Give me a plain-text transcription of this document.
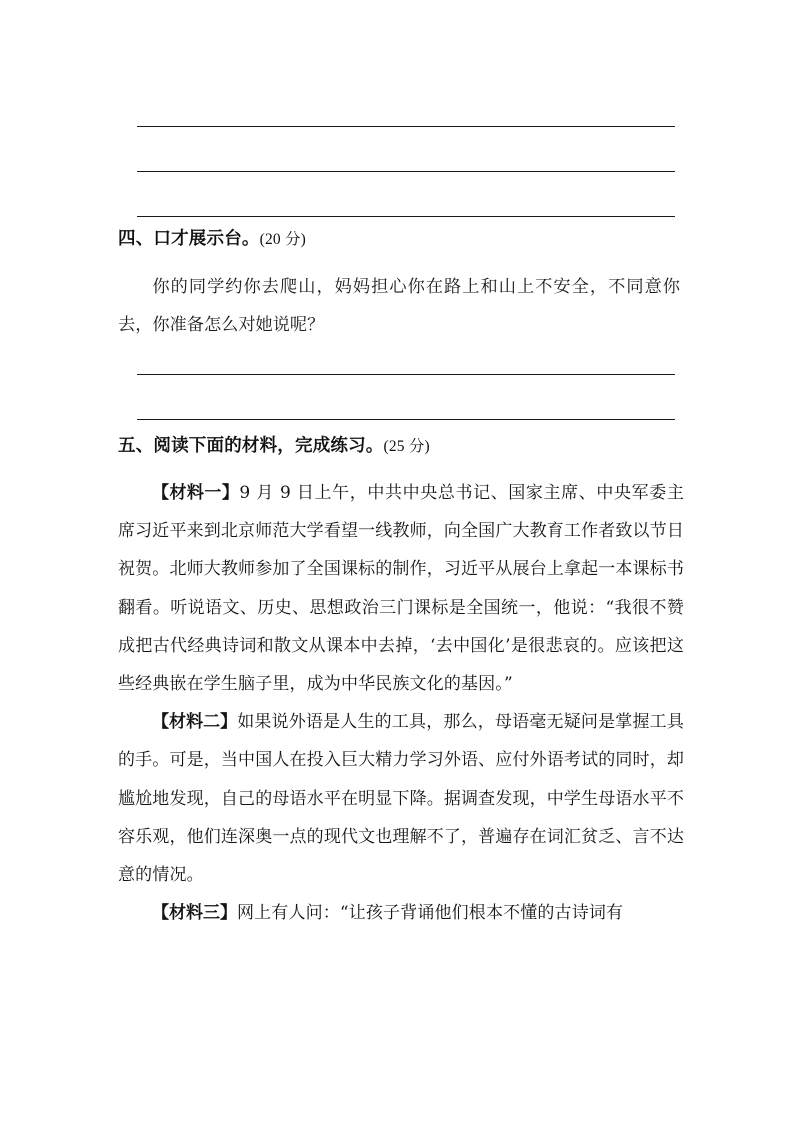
四、口才展示台。(20 分)
你的同学约你去爬山，妈妈担心你在路上和山上不安全，不同意你去，你准备怎么对她说呢？
五、阅读下面的材料，完成练习。(25 分)

【材料一】9 月 9 日上午，中共中央总书记、国家主席、中央军委主席习近平来到北京师范大学看望一线教师，向全国广大教育工作者致以节日祝贺。北师大教师参加了全国课标的制作，习近平从展台上拿起一本课标书翻看。听说语文、历史、思想政治三门课标是全国统一，他说：“我很不赞成把古代经典诗词和散文从课本中去掉，‘去中国化’是很悲哀的。应该把这些经典嵌在学生脑子里，成为中华民族文化的基因。”

【材料二】如果说外语是人生的工具，那么，母语毫无疑问是掌握工具的手。可是，当中国人在投入巨大精力学习外语、应付外语考试的同时，却尴尬地发现，自己的母语水平在明显下降。据调查发现，中学生母语水平不容乐观，他们连深奥一点的现代文也理解不了，普遍存在词汇贫乏、言不达意的情况。

【材料三】网上有人问：“让孩子背诵他们根本不懂的古诗词有
